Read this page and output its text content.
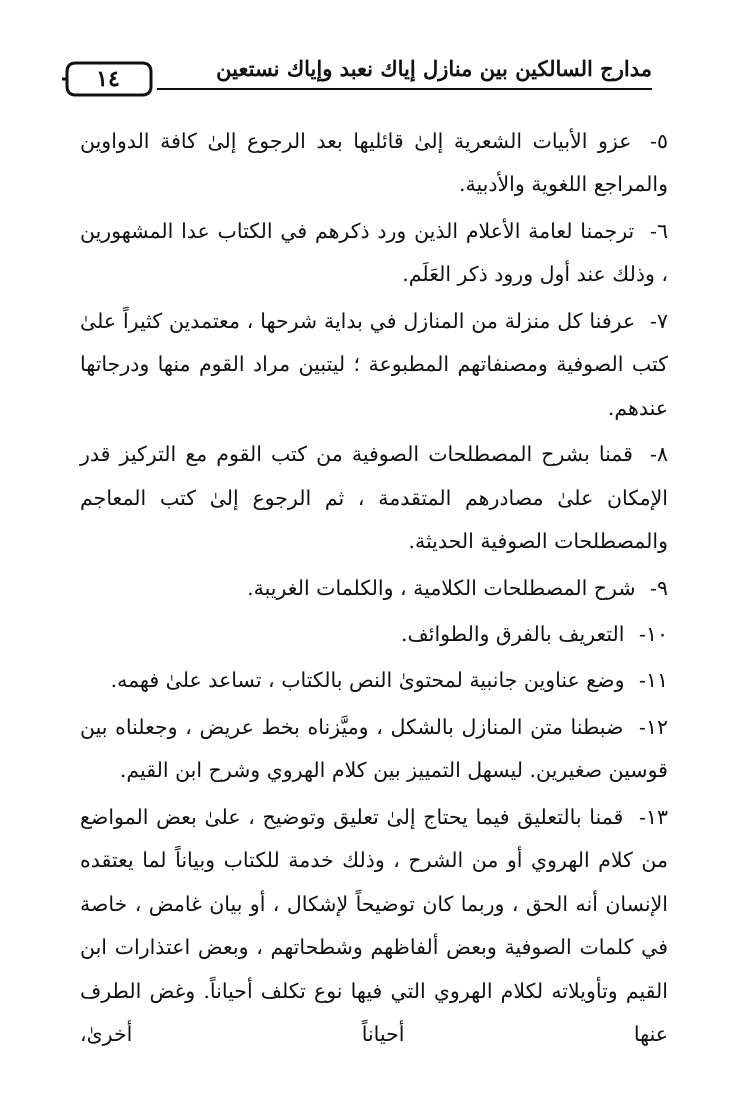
مدارج السالكين بين منازل إياك نعبد وإياك نستعين
١٤

٥- عزو الأبيات الشعرية إلىٰ قائليها بعد الرجوع إلىٰ كافة الدواوين والمراجع اللغوية والأدبية.

٦- ترجمنا لعامة الأعلام الذين ورد ذكرهم في الكتاب عدا المشهورين ، وذلك عند أول ورود ذكر العَلَم.

٧- عرفنا كل منزلة من المنازل في بداية شرحها ، معتمدين كثيراً علىٰ كتب الصوفية ومصنفاتهم المطبوعة ؛ ليتبين مراد القوم منها ودرجاتها عندهم.

٨- قمنا بشرح المصطلحات الصوفية من كتب القوم مع التركيز قدر الإمكان علىٰ مصادرهم المتقدمة ، ثم الرجوع إلىٰ كتب المعاجم والمصطلحات الصوفية الحديثة.

٩- شرح المصطلحات الكلامية ، والكلمات الغريبة.

١٠- التعريف بالفرق والطوائف.

١١- وضع عناوين جانبية لمحتوىٰ النص بالكتاب ، تساعد علىٰ فهمه.

١٢- ضبطنا متن المنازل بالشكل ، وميَّزناه بخط عريض ، وجعلناه بين قوسين صغيرين. ليسهل التمييز بين كلام الهروي وشرح ابن القيم.

١٣- قمنا بالتعليق فيما يحتاج إلىٰ تعليق وتوضيح ، علىٰ بعض المواضع من كلام الهروي أو من الشرح ، وذلك خدمة للكتاب وبياناً لما يعتقده الإنسان أنه الحق ، وربما كان توضيحاً لإشكال ، أو بيان غامض ، خاصة في كلمات الصوفية وبعض ألفاظهم وشطحاتهم ، وبعض اعتذارات ابن القيم وتأويلاته لكلام الهروي التي فيها نوع تكلف أحياناً. وغض الطرف عنها أحياناً أخرىٰ،
